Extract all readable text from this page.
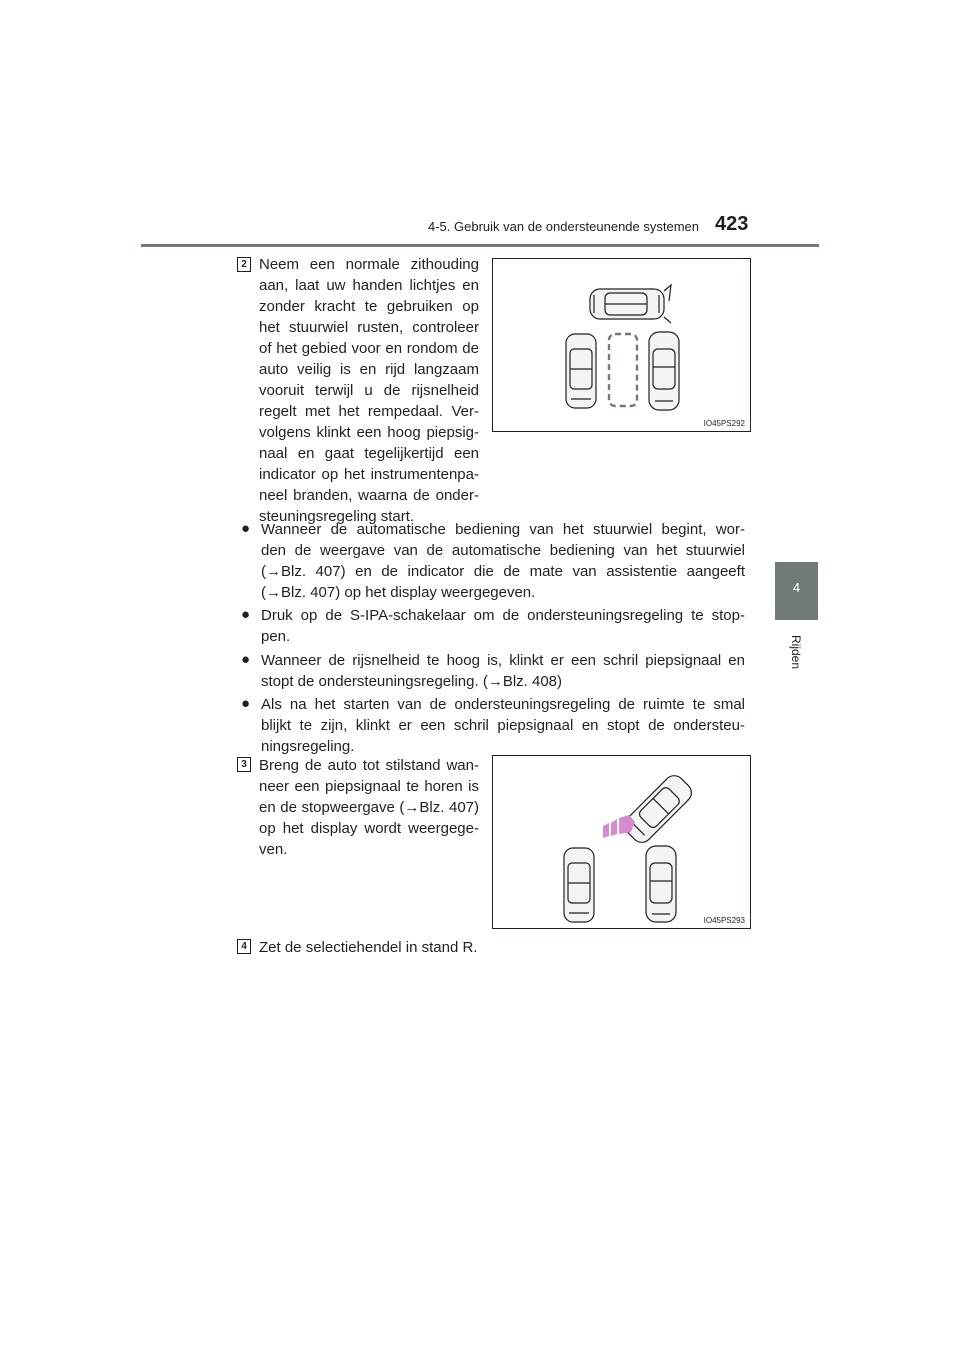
4-5. Gebruik van de ondersteunende systemen 423
4
Rijden
2 Neem een normale zithouding
aan, laat uw handen lichtjes en
zonder kracht te gebruiken op
het stuurwiel rusten, controleer
of het gebied voor en rondom de
auto veilig is en rijd langzaam
vooruit terwijl u de rijsnelheid
regelt met het rempedaal. Ver-
volgens klinkt een hoog piepsig-
naal en gaat tegelijkertijd een
indicator op het instrumentenpa-
neel branden, waarna de onder-
steuningsregeling start.
IO45PS292
● Wanneer de automatische bediening van het stuurwiel begint, wor-
den de weergave van de automatische bediening van het stuurwiel
(→Blz. 407) en de indicator die de mate van assistentie aangeeft
(→Blz. 407) op het display weergegeven.
● Druk op de S-IPA-schakelaar om de ondersteuningsregeling te stop-
pen.
● Wanneer de rijsnelheid te hoog is, klinkt er een schril piepsignaal en
stopt de ondersteuningsregeling. (→Blz. 408)
● Als na het starten van de ondersteuningsregeling de ruimte te smal
blijkt te zijn, klinkt er een schril piepsignaal en stopt de ondersteu-
ningsregeling.
3 Breng de auto tot stilstand wan-
neer een piepsignaal te horen is
en de stopweergave (→Blz. 407)
op het display wordt weergege-
ven.
IO45PS293
4 Zet de selectiehendel in stand R.
